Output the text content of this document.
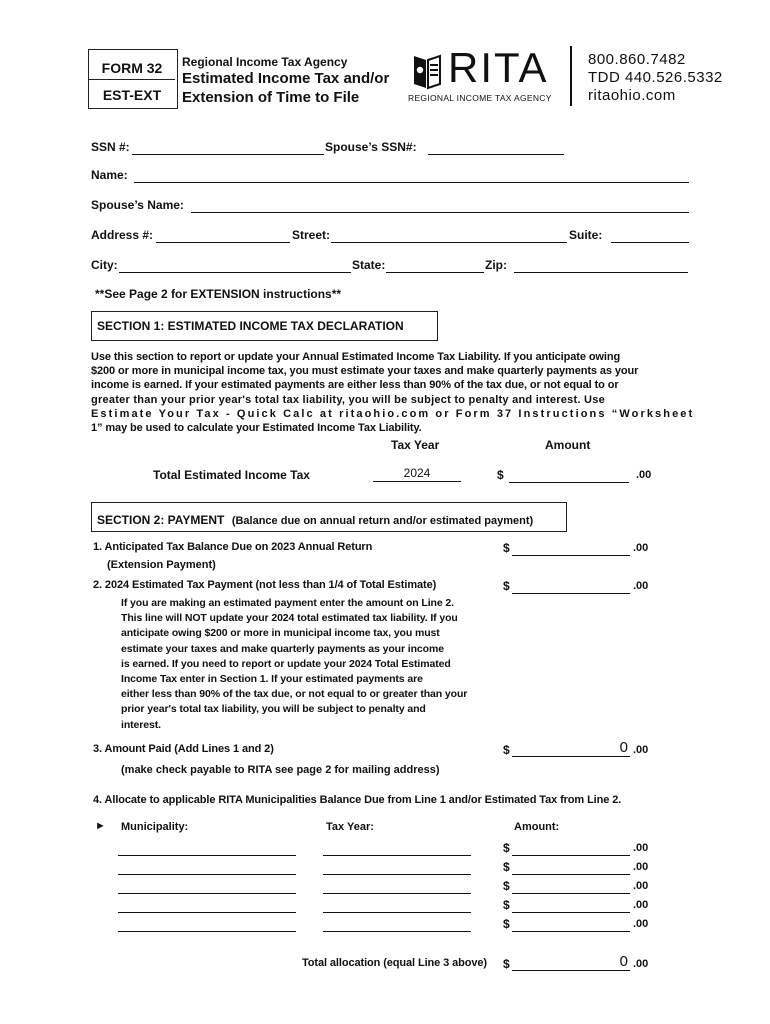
FORM 32
EST-EXT
Regional Income Tax Agency
Estimated Income Tax and/or
Extension of Time to File
RITA
REGIONAL INCOME TAX AGENCY
800.860.7482
TDD 440.526.5332
ritaohio.com
SSN #:	Spouse’s SSN#:
Name:
Spouse’s Name:
Address #:	Street:	Suite:
City:	State:	Zip:
**See Page 2 for EXTENSION instructions**
SECTION 1: ESTIMATED INCOME TAX DECLARATION
Use this section to report or update your Annual Estimated Income Tax Liability. If you anticipate owing
$200 or more in municipal income tax, you must estimate your taxes and make quarterly payments as your
income is earned. If your estimated payments are either less than 90% of the tax due, or not equal to or
greater than your prior year's total tax liability, you will be subject to penalty and interest. Use
Estimate Your Tax - Quick Calc at ritaohio.com or Form 37 Instructions “Worksheet
1” may be used to calculate your Estimated Income Tax Liability.
Tax Year	Amount
Total Estimated Income Tax	2024	$	.00
SECTION 2: PAYMENT (Balance due on annual return and/or estimated payment)
1. Anticipated Tax Balance Due on 2023 Annual Return
(Extension Payment)
$	.00
2. 2024 Estimated Tax Payment (not less than 1/4 of Total Estimate)	$	.00
If you are making an estimated payment enter the amount on Line 2.
This line will NOT update your 2024 total estimated tax liability. If you
anticipate owing $200 or more in municipal income tax, you must
estimate your taxes and make quarterly payments as your income
is earned. If you need to report or update your 2024 Total Estimated
Income Tax enter in Section 1. If your estimated payments are
either less than 90% of the tax due, or not equal to or greater than your
prior year's total tax liability, you will be subject to penalty and
interest.
3. Amount Paid (Add Lines 1 and 2)
(make check payable to RITA see page 2 for mailing address)
$	0 .00
4. Allocate to applicable RITA Municipalities Balance Due from Line 1 and/or Estimated Tax from Line 2.
► Municipality:	Tax Year:	Amount:
$	.00
$	.00
$	.00
$	.00
$	.00
Total allocation (equal Line 3 above) $	0 .00
